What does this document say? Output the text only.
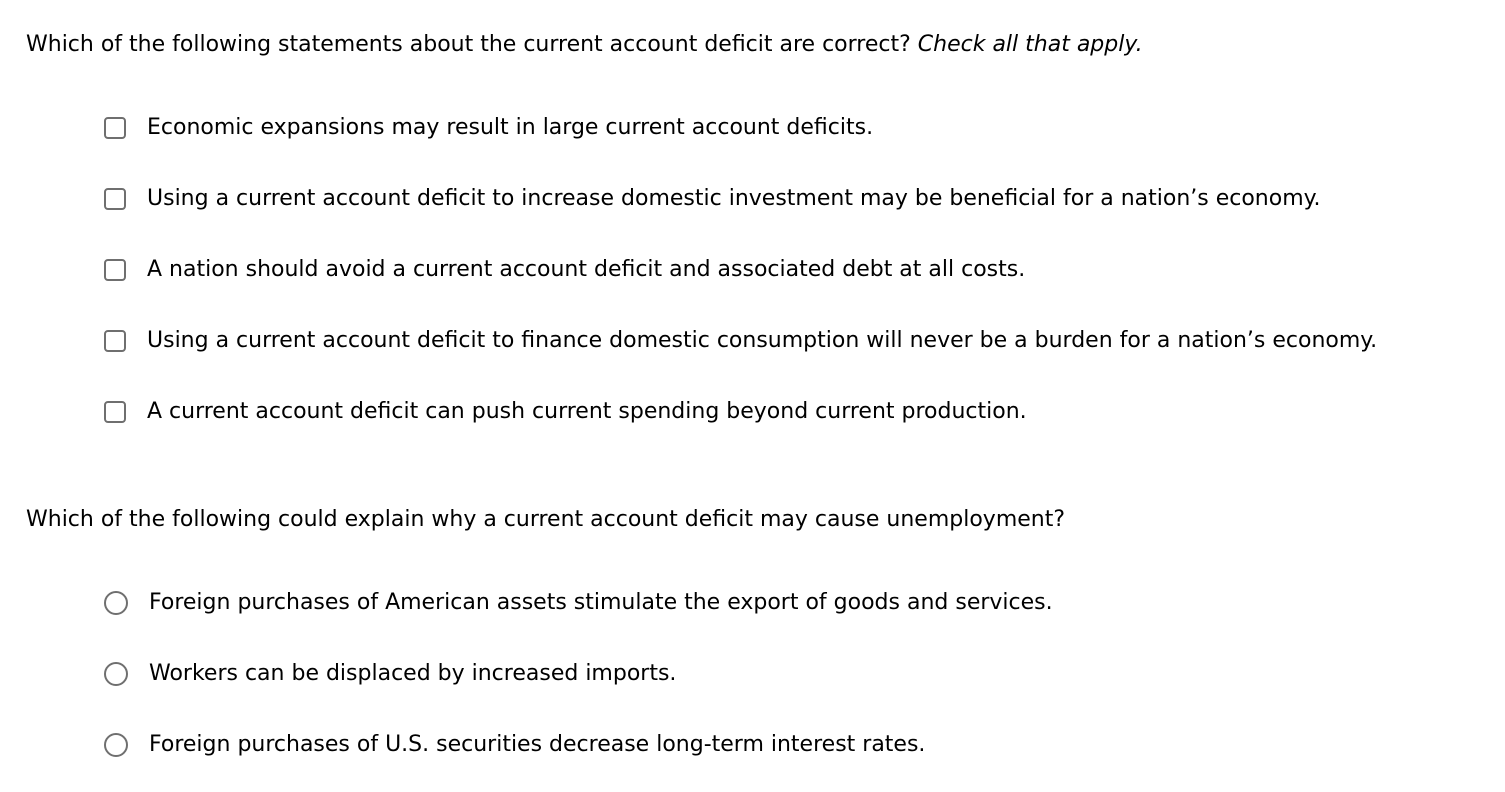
Which of the following statements about the current account deficit are correct? Check all that apply.
Economic expansions may result in large current account deficits.
Using a current account deficit to increase domestic investment may be beneficial for a nation’s economy.
A nation should avoid a current account deficit and associated debt at all costs.
Using a current account deficit to finance domestic consumption will never be a burden for a nation’s economy.
A current account deficit can push current spending beyond current production.
Which of the following could explain why a current account deficit may cause unemployment?
Foreign purchases of American assets stimulate the export of goods and services.
Workers can be displaced by increased imports.
Foreign purchases of U.S. securities decrease long-term interest rates.
